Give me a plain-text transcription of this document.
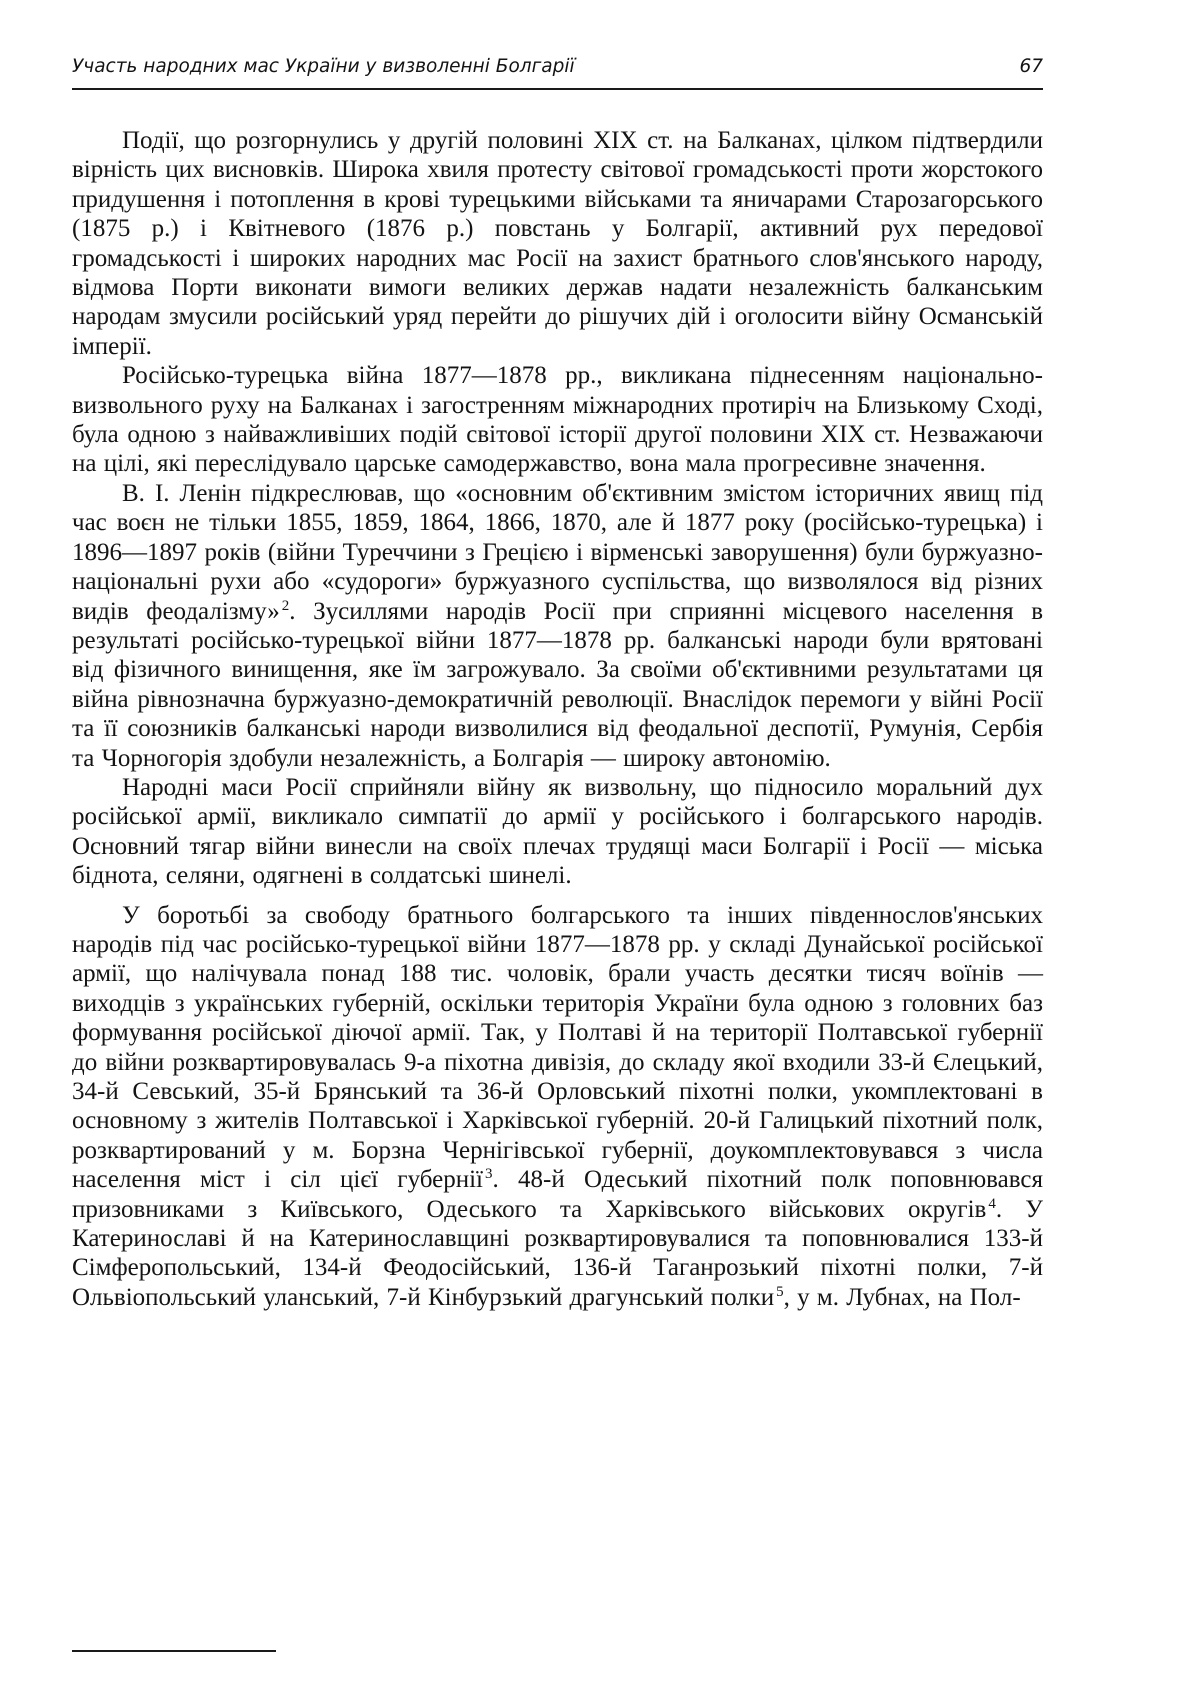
Участь народних мас України у визволенні Болгарії	67

Події, що розгорнулись у другій половині XIX ст. на Балканах, цілком підтвердили вірність цих висновків. Широка хвиля протесту світової громадськості проти жорстокого придушення і потоплення в крові турецькими військами та яничарами Старозагорського (1875 р.) і Квітневого (1876 р.) повстань у Болгарії, активний рух передової громадськості і широких народних мас Росії на захист братнього слов'янського народу, відмова Порти виконати вимоги великих держав надати незалежність балканським народам змусили російський уряд перейти до рішучих дій і оголосити війну Османській імперії.

Російсько-турецька війна 1877—1878 рр., викликана піднесенням національно-визвольного руху на Балканах і загостренням міжнародних протиріч на Близькому Сході, була одною з найважливіших подій світової історії другої половини XIX ст. Незважаючи на цілі, які переслідувало царське самодержавство, вона мала прогресивне значення.

В. І. Ленін підкреслював, що «основним об'єктивним змістом історичних явищ під час воєн не тільки 1855, 1859, 1864, 1866, 1870, але й 1877 року (російсько-турецька) і 1896—1897 років (війни Туреччини з Грецією і вірменські заворушення) були буржуазно-національні рухи або «судороги» буржуазного суспільства, що визволялося від різних видів феодалізму» $^2$. Зусиллями народів Росії при сприянні місцевого населення в результаті російсько-турецької війни 1877—1878 рр. балканські народи були врятовані від фізичного винищення, яке їм загрожувало. За своїми об'єктивними результатами ця війна рівнозначна буржуазно-демократичній революції. Внаслідок перемоги у війні Росії та її союзників балканські народи визволилися від феодальної деспотії, Румунія, Сербія та Чорногорія здобули незалежність, а Болгарія — широку автономію.

Народні маси Росії сприйняли війну як визвольну, що підносило моральний дух російської армії, викликало симпатії до армії у російського і болгарського народів. Основний тягар війни винесли на своїх плечах трудящі маси Болгарії і Росії — міська біднота, селяни, одягнені в солдатські шинелі.

У боротьбі за свободу братнього болгарського та інших південнослов'янських народів під час російсько-турецької війни 1877—1878 рр. у складі Дунайської російської армії, що налічувала понад 188 тис. чоловік, брали участь десятки тисяч воїнів — виходців з українських губерній, оскільки територія України була одною з головних баз формування російської діючої армії. Так, у Полтаві й на території Полтавської губернії до війни розквартировувалась 9-а піхотна дивізія, до складу якої входили 33-й Єлецький, 34-й Севський, 35-й Брянський та 36-й Орловський піхотні полки, укомплектовані в основному з жителів Полтавської і Харківської губерній. 20-й Галицький піхотний полк, розквартирований у м. Борзна Чернігівської губернії, доукомплектовувався з числа населення міст і сіл цієї губернії $^3$. 48-й Одеський піхотний полк поповнювався призовниками з Київського, Одеського та Харківського військових округів $^4$. У Катеринославі й на Катеринославщині розквартировувалися та поповнювалися 133-й Сімферопольський, 134-й Феодосійський, 136-й Таганрозький піхотні полки, 7-й Ольвіопольський уланський, 7-й Кінбурзький драгунський полки $^5$, у м. Лубнах, на Пол-
